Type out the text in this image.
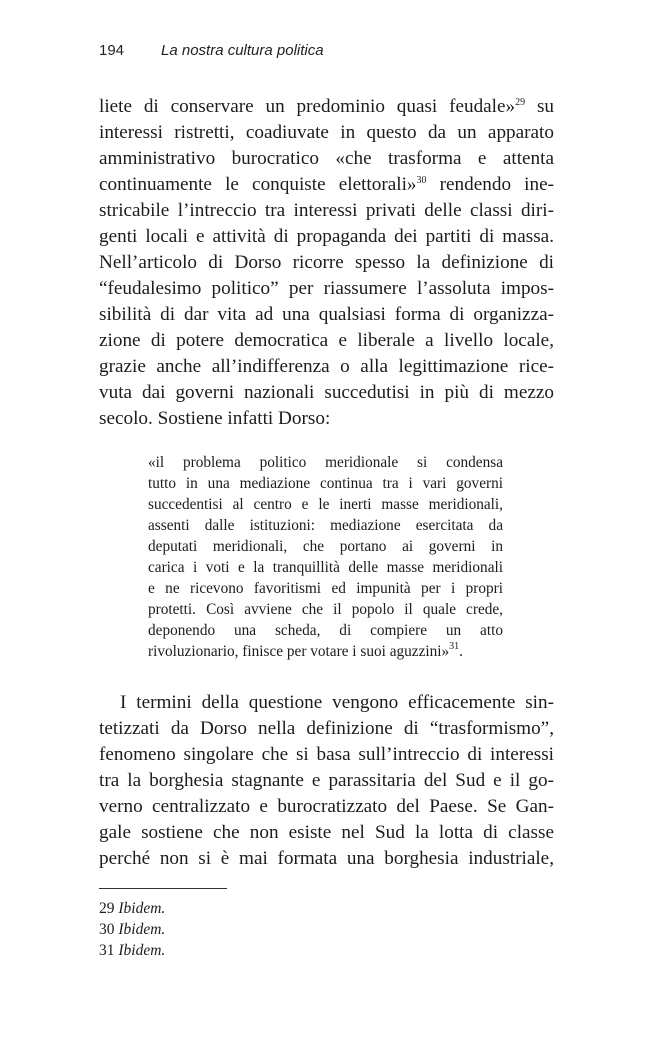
194 La nostra cultura politica
liete di conservare un predominio quasi feudale»$^{29}$ su
interessi ristretti, coadiuvate in questo da un apparato
amministrativo burocratico «che trasforma e attenta
continuamente le conquiste elettorali»$^{30}$ rendendo ine-
stricabile l’intreccio tra interessi privati delle classi diri-
genti locali e attività di propaganda dei partiti di massa.
Nell’articolo di Dorso ricorre spesso la definizione di
“feudalesimo politico” per riassumere l’assoluta impos-
sibilità di dar vita ad una qualsiasi forma di organizza-
zione di potere democratica e liberale a livello locale,
grazie anche all’indifferenza o alla legittimazione rice-
vuta dai governi nazionali succedutisi in più di mezzo
secolo. Sostiene infatti Dorso:
«il problema politico meridionale si condensa
tutto in una mediazione continua tra i vari governi
succedentisi al centro e le inerti masse meridionali,
assenti dalle istituzioni: mediazione esercitata da
deputati meridionali, che portano ai governi in
carica i voti e la tranquillità delle masse meridionali
e ne ricevono favoritismi ed impunità per i propri
protetti. Così avviene che il popolo il quale crede,
deponendo una scheda, di compiere un atto
rivoluzionario, finisce per votare i suoi aguzzini»$^{31}$.
I termini della questione vengono efficacemente sin-
tetizzati da Dorso nella definizione di “trasformismo”,
fenomeno singolare che si basa sull’intreccio di interessi
tra la borghesia stagnante e parassitaria del Sud e il go-
verno centralizzato e burocratizzato del Paese. Se Gan-
gale sostiene che non esiste nel Sud la lotta di classe
perché non si è mai formata una borghesia industriale,
29 Ibidem.
30 Ibidem.
31 Ibidem.
